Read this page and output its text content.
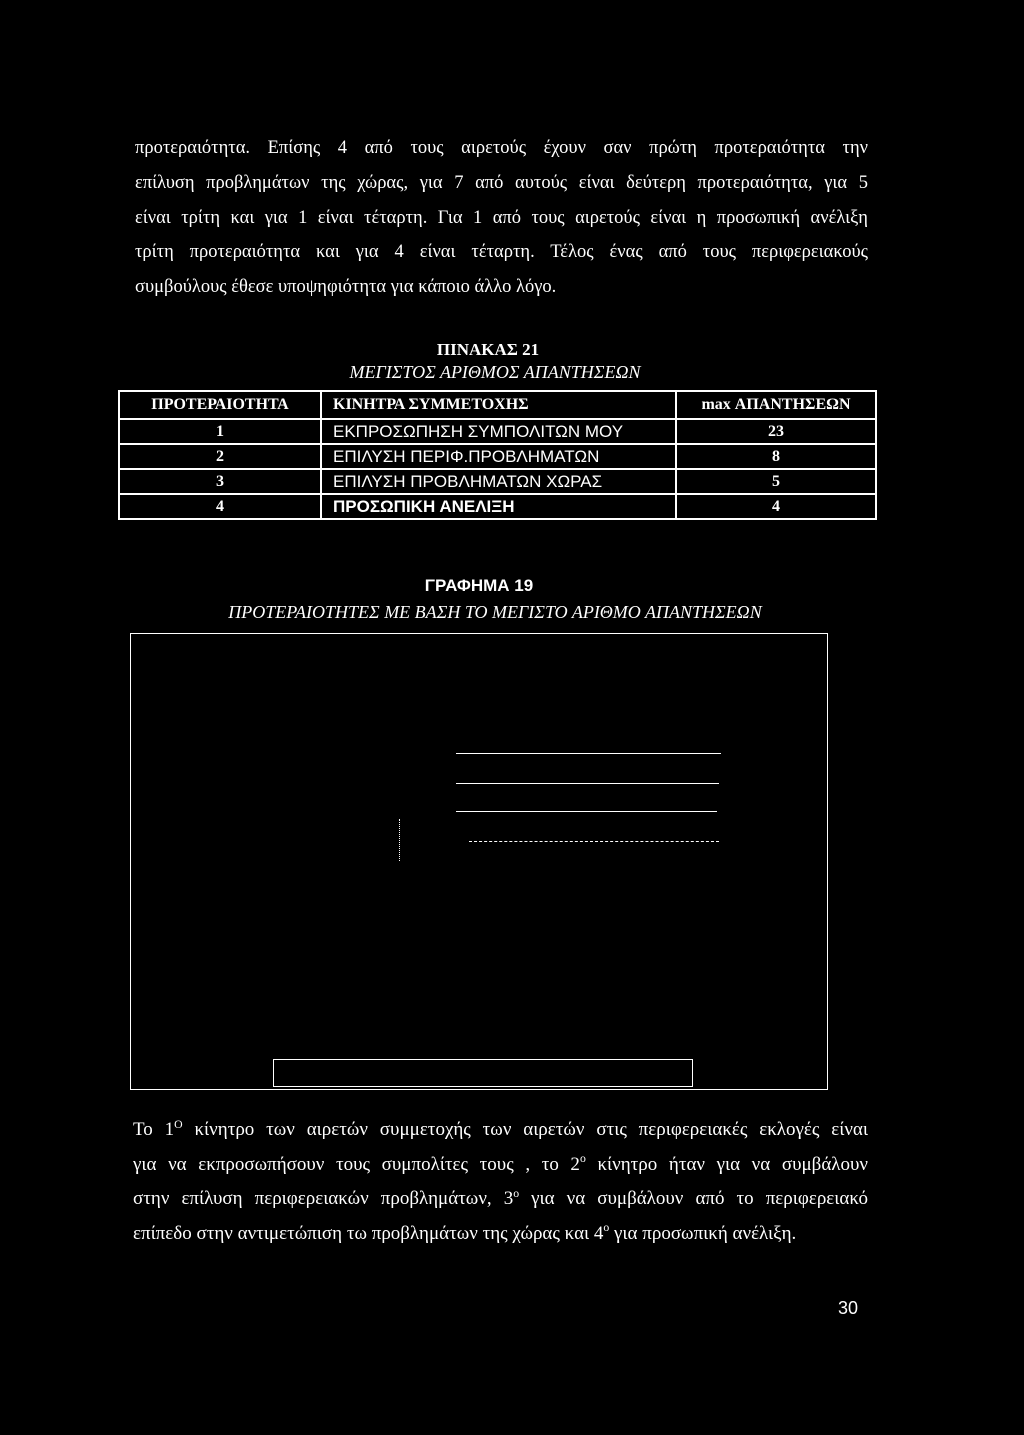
προτεραιότητα. Επίσης 4 από τους αιρετούς έχουν σαν πρώτη προτεραιότητα την
επίλυση προβλημάτων της χώρας, για 7 από αυτούς είναι δεύτερη προτεραιότητα, για 5
είναι τρίτη και για 1 είναι τέταρτη. Για 1 από τους αιρετούς είναι η προσωπική ανέλιξη
τρίτη προτεραιότητα και για 4 είναι τέταρτη. Τέλος ένας από τους περιφερειακούς
συμβούλους έθεσε υποψηφιότητα για κάποιο άλλο λόγο.
ΠΙΝΑΚΑΣ 21
ΜΕΓΙΣΤΟΣ ΑΡΙΘΜΟΣ ΑΠΑΝΤΗΣΕΩΝ
ΠΡΟΤΕΡΑΙΟΤΗΤΑ	ΚΙΝΗΤΡΑ ΣΥΜΜΕΤΟΧΗΣ	max ΑΠΑΝΤΗΣΕΩΝ
1	ΕΚΠΡΟΣΩΠΗΣΗ ΣΥΜΠΟΛΙΤΩΝ ΜΟΥ	23
2	ΕΠΙΛΥΣΗ ΠΕΡΙΦ.ΠΡΟΒΛΗΜΑΤΩΝ	8
3	ΕΠΙΛΥΣΗ ΠΡΟΒΛΗΜΑΤΩΝ ΧΩΡΑΣ	5
4	ΠΡΟΣΩΠΙΚΗ ΑΝΕΛΙΞΗ	4
ΓΡΑΦΗΜΑ 19
ΠΡΟΤΕΡΑΙΟΤΗΤΕΣ ΜΕ ΒΑΣΗ ΤΟ ΜΕΓΙΣΤΟ ΑΡΙΘΜΟ ΑΠΑΝΤΗΣΕΩΝ
Το $1^O$ κίνητρο των αιρετών συμμετοχής των αιρετών στις περιφερειακές εκλογές είναι
για να εκπροσωπήσουν τους συμπολίτες τους , το $2^o$ κίνητρο ήταν για να συμβάλουν
στην επίλυση περιφερειακών προβλημάτων, $3^o$ για να συμβάλουν από το περιφερειακό
επίπεδο στην αντιμετώπιση τω προβλημάτων της χώρας και $4^o$ για προσωπική ανέλιξη.
30
